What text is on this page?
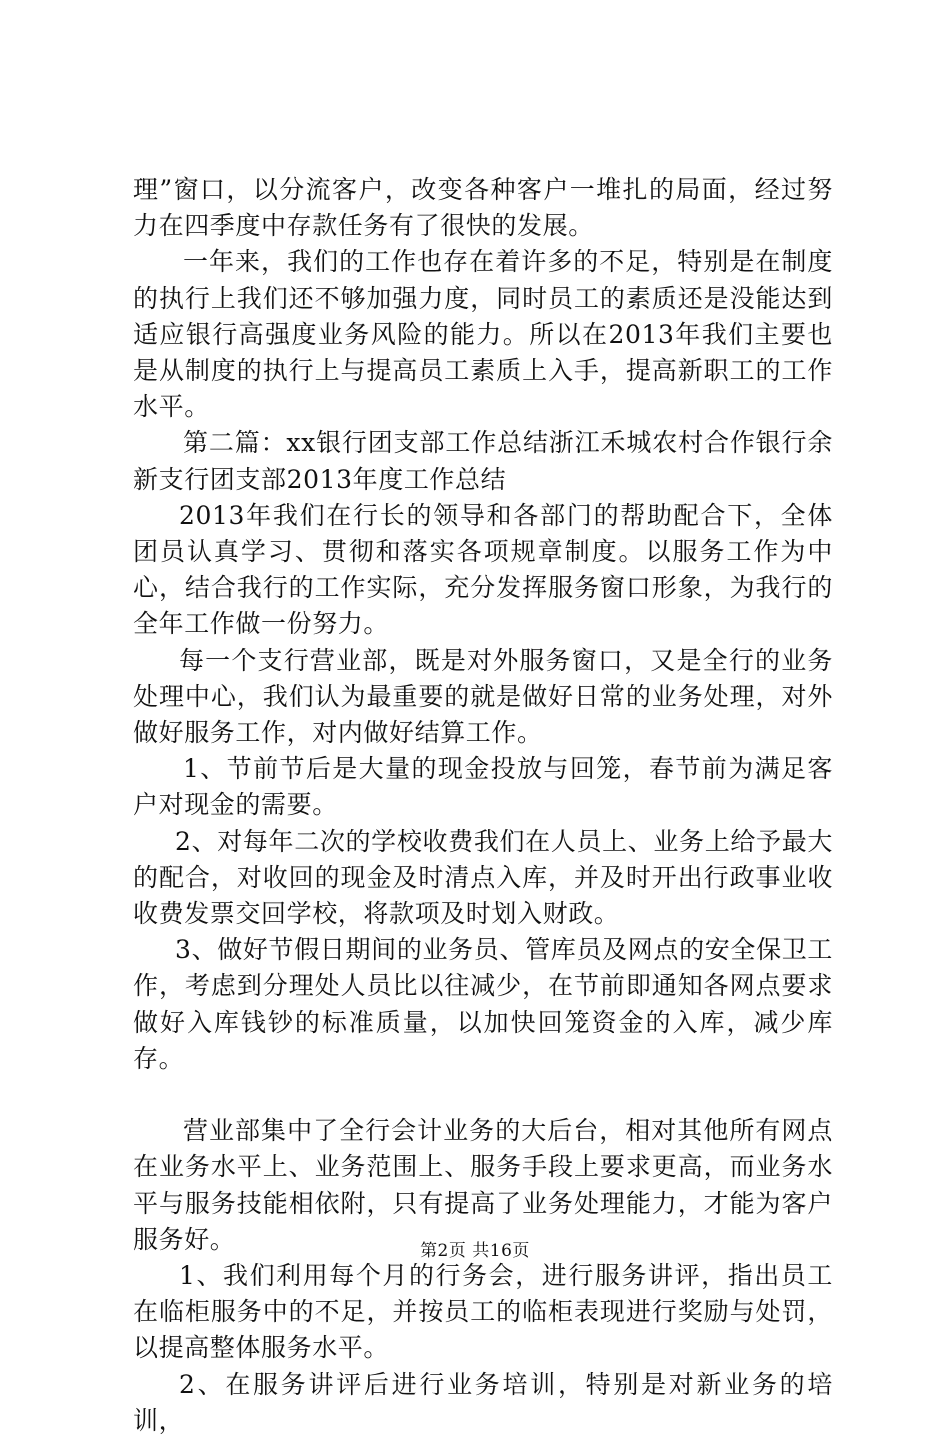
理”窗口，以分流客户，改变各种客户一堆扎的局面，经过努力在四季度中存款任务有了很快的发展。

一年来，我们的工作也存在着许多的不足，特别是在制度的执行上我们还不够加强力度，同时员工的素质还是没能达到适应银行高强度业务风险的能力。所以在2013年我们主要也是从制度的执行上与提高员工素质上入手，提高新职工的工作水平。

第二篇：xx银行团支部工作总结浙江禾城农村合作银行余新支行团支部2013年度工作总结

2013年我们在行长的领导和各部门的帮助配合下，全体团员认真学习、贯彻和落实各项规章制度。以服务工作为中心，结合我行的工作实际，充分发挥服务窗口形象，为我行的全年工作做一份努力。

每一个支行营业部，既是对外服务窗口，又是全行的业务处理中心，我们认为最重要的就是做好日常的业务处理，对外做好服务工作，对内做好结算工作。

1、节前节后是大量的现金投放与回笼，春节前为满足客户对现金的需要。

2、对每年二次的学校收费我们在人员上、业务上给予最大的配合，对收回的现金及时清点入库，并及时开出行政事业收收费发票交回学校，将款项及时划入财政。

3、做好节假日期间的业务员、管库员及网点的安全保卫工作，考虑到分理处人员比以往减少，在节前即通知各网点要求做好入库钱钞的标准质量，以加快回笼资金的入库，减少库存。

营业部集中了全行会计业务的大后台，相对其他所有网点在业务水平上、业务范围上、服务手段上要求更高，而业务水平与服务技能相依附，只有提高了业务处理能力，才能为客户服务好。

1、我们利用每个月的行务会，进行服务讲评，指出员工在临柜服务中的不足，并按员工的临柜表现进行奖励与处罚，以提高整体服务水平。

2、在服务讲评后进行业务培训，特别是对新业务的培训，

第2页 共16页
